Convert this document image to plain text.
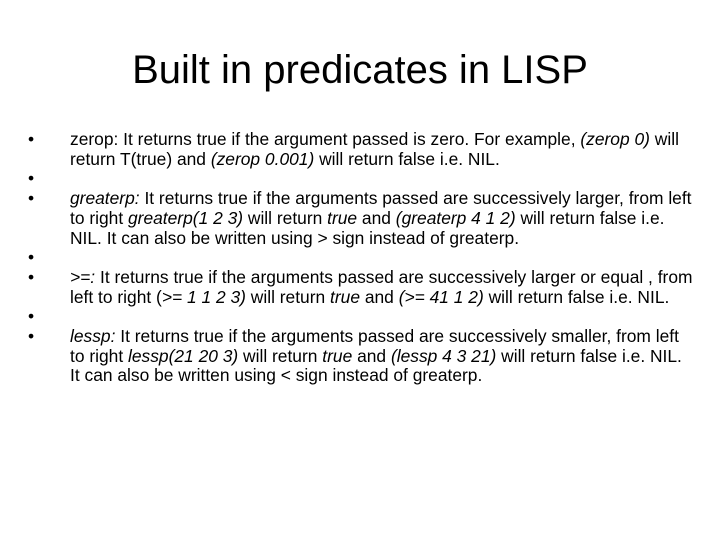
Built in predicates in LISP
•	zerop: It returns true if the argument passed is zero. For example, (zerop 0) will return T(true) and (zerop 0.001) will return false i.e. NIL.
•
•	greaterp: It returns true if the arguments passed are successively larger, from left to right greaterp(1 2 3) will return true and (greaterp 4 1 2) will return false i.e. NIL. It can also be written using > sign instead of greaterp.
•
•	>=: It returns true if the arguments passed are successively larger or equal , from left to right (>= 1 1 2 3) will return true and (>= 41 1 2) will return false i.e. NIL.
•
•	lessp: It returns true if the arguments passed are successively smaller, from left to right lessp(21 20 3) will return true and (lessp 4 3 21) will return false i.e. NIL. It can also be written using < sign instead of greaterp.
